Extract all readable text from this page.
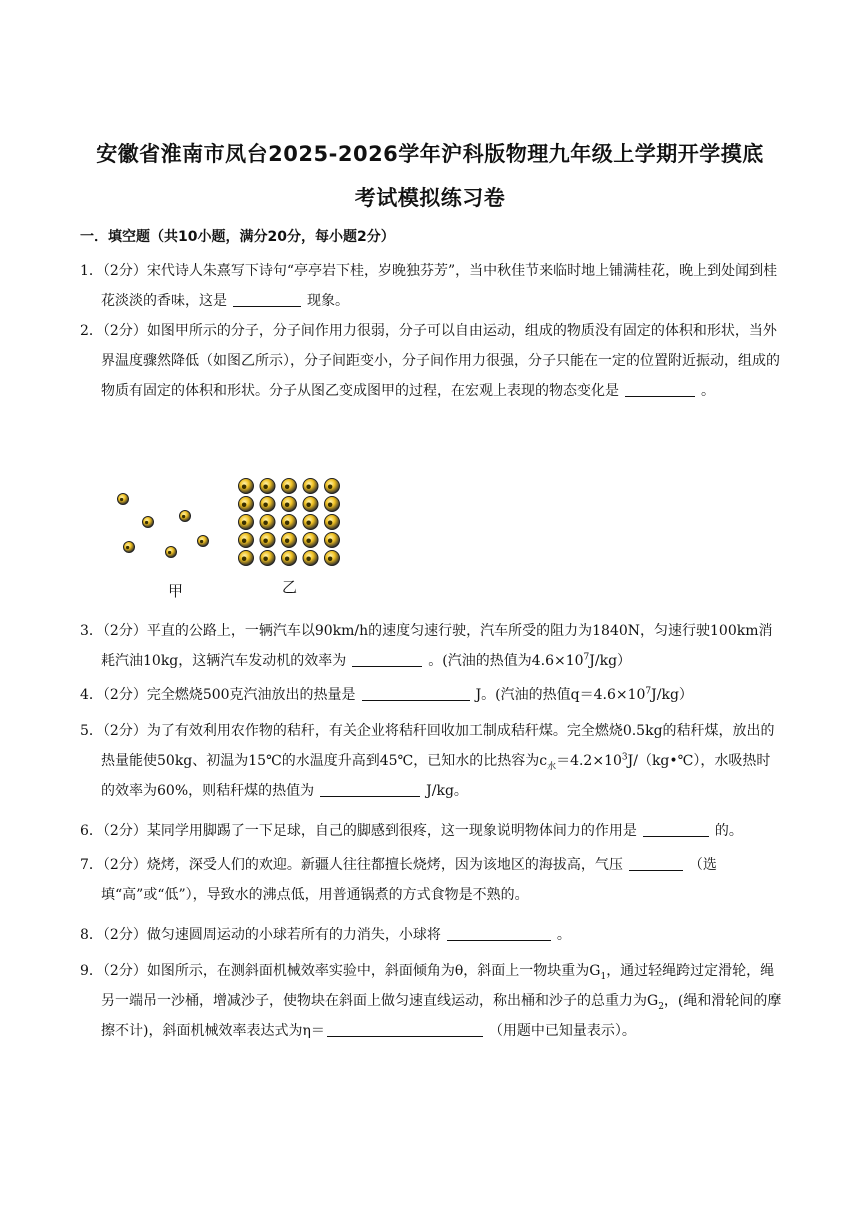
安徽省淮南市凤台2025-2026学年沪科版物理九年级上学期开学摸底
考试模拟练习卷
一．填空题（共10小题，满分20分，每小题2分）
1．（2分）宋代诗人朱熹写下诗句“亭亭岩下桂，岁晚独芬芳”，当中秋佳节来临时地上铺满桂花，晚上到处闻到桂花淡淡的香味，这是	现象。
2．（2分）如图甲所示的分子，分子间作用力很弱，分子可以自由运动，组成的物质没有固定的体积和形状，当外界温度骤然降低（如图乙所示），分子间距变小，分子间作用力很强，分子只能在一定的位置附近振动，组成的物质有固定的体积和形状。分子从图乙变成图甲的过程，在宏观上表现的物态变化是	。
甲	乙
3．（2分）平直的公路上，一辆汽车以90km/h的速度匀速行驶，汽车所受的阻力为1840N，匀速行驶100km消耗汽油10kg，这辆汽车发动机的效率为	。(汽油的热值为$4.6\times 10^7J/kg$）
4．（2分）完全燃烧500克汽油放出的热量是	J。(汽油的热值$q=4.6\times 10^7J/kg$）
5．（2分）为了有效利用农作物的秸秆，有关企业将秸秆回收加工制成秸秆煤。完全燃烧0.5kg的秸秆煤，放出的热量能使50kg、初温为15℃的水温度升高到45℃，已知水的比热容为$c_水=4.2\times 10^3J/(kg•℃)$，水吸热时的效率为60%，则秸秆煤的热值为	J/kg。
6．（2分）某同学用脚踢了一下足球，自己的脚感到很疼，这一现象说明物体间力的作用是	的。
7．（2分）烧烤，深受人们的欢迎。新疆人往往都擅长烧烤，因为该地区的海拔高，气压	（选填“高”或“低”），导致水的沸点低，用普通锅煮的方式食物是不熟的。
8．（2分）做匀速圆周运动的小球若所有的力消失，小球将	。
9．（2分）如图所示，在测斜面机械效率实验中，斜面倾角为θ，斜面上一物块重为$G_1$，通过轻绳跨过定滑轮，绳另一端吊一沙桶，增减沙子，使物块在斜面上做匀速直线运动，称出桶和沙子的总重力为$G_2$，(绳和滑轮间的摩擦不计)，斜面机械效率表达式为η＝	（用题中已知量表示）。
